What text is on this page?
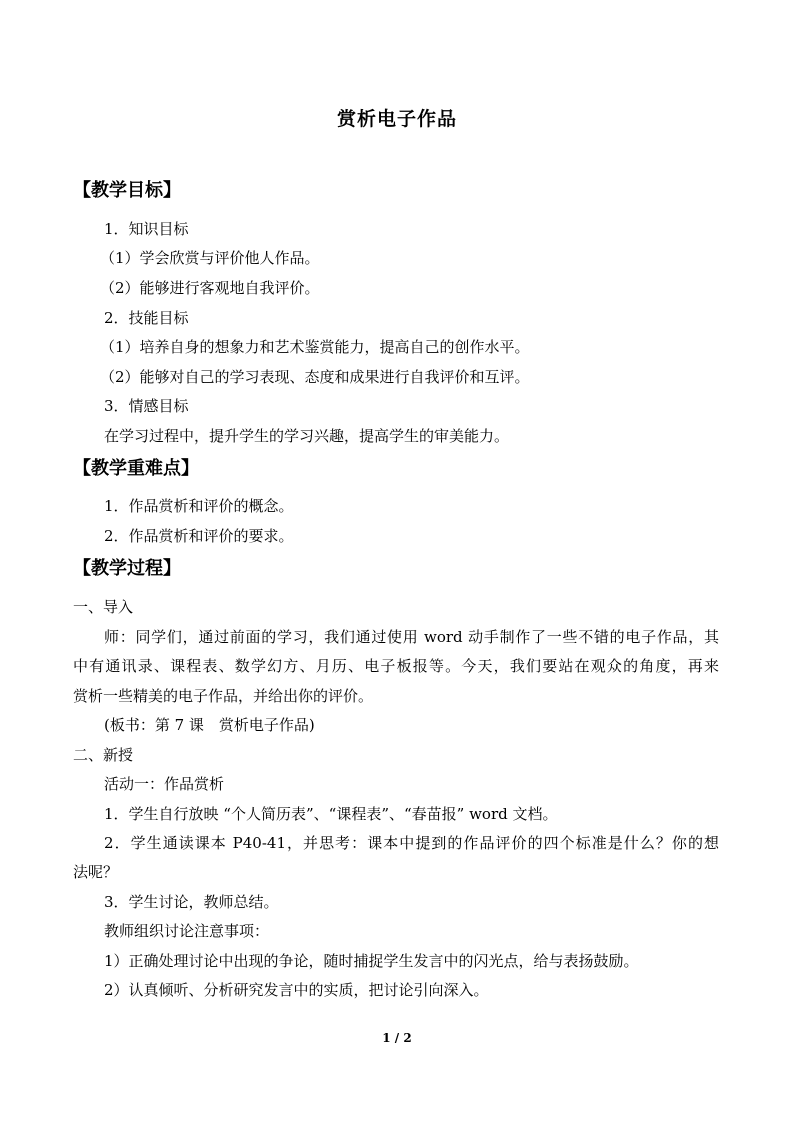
赏析电子作品
【教学目标】
1．知识目标
（1）学会欣赏与评价他人作品。
（2）能够进行客观地自我评价。
2．技能目标
（1）培养自身的想象力和艺术鉴赏能力，提高自己的创作水平。
（2）能够对自己的学习表现、态度和成果进行自我评价和互评。
3．情感目标
在学习过程中，提升学生的学习兴趣，提高学生的审美能力。
【教学重难点】
1．作品赏析和评价的概念。
2．作品赏析和评价的要求。
【教学过程】
一、导入
师：同学们，通过前面的学习，我们通过使用 word 动手制作了一些不错的电子作品，其
中有通讯录、课程表、数学幻方、月历、电子板报等。今天，我们要站在观众的角度，再来
赏析一些精美的电子作品，并给出你的评价。
(板书：第 7 课　赏析电子作品)
二、新授
活动一：作品赏析
1．学生自行放映 “个人简历表”、“课程表”、“春苗报” word 文档。
2．学生通读课本 P40-41，并思考：课本中提到的作品评价的四个标准是什么？你的想
法呢？
3．学生讨论，教师总结。
教师组织讨论注意事项：
1）正确处理讨论中出现的争论，随时捕捉学生发言中的闪光点，给与表扬鼓励。
2）认真倾听、分析研究发言中的实质，把讨论引向深入。
1 / 2
